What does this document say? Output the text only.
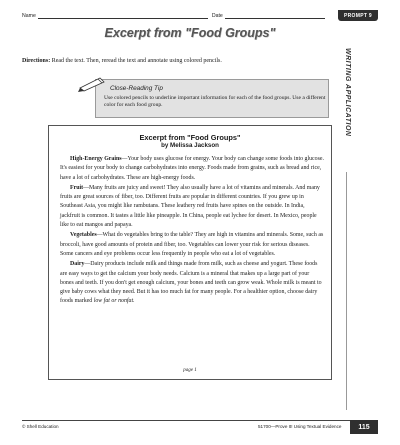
Name	Date	PROMPT 9
Excerpt from "Food Groups"
WRITING APPLICATION
Directions: Read the text. Then, reread the text and annotate using colored pencils.
Close-Reading Tip
Use colored pencils to underline important information for each of the food groups. Use a different color for each food group.
Excerpt from "Food Groups"
by Melissa Jackson

High-Energy Grains—Your body uses glucose for energy. Your body can change some foods into glucose. It's easiest for your body to change carbohydrates into energy. Foods made from grains, such as bread and rice, have a lot of carbohydrates. These are high-energy foods.

Fruit—Many fruits are juicy and sweet! They also usually have a lot of vitamins and minerals. And many fruits are great sources of fiber, too. Different fruits are popular in different countries. If you grew up in Southeast Asia, you might like rambutans. These leathery red fruits have spines on the outside. In India, jackfruit is common. It tastes a little like pineapple. In China, people eat lychee for desert. In Mexico, people like to eat mangos and papaya.

Vegetables—What do vegetables bring to the table? They are high in vitamins and minerals. Some, such as broccoli, have good amounts of protein and fiber, too. Vegetables can lower your risk for serious diseases. Some cancers and eye problems occur less frequently in people who eat a lot of vegetables.

Dairy—Dairy products include milk and things made from milk, such as cheese and yogurt. These foods are easy ways to get the calcium your body needs. Calcium is a mineral that makes up a large part of your bones and teeth. If you don't get enough calcium, your bones and teeth can grow weak. Whole milk is meant to give baby cows what they need. But it has too much fat for many people. For a healthier option, choose dairy foods marked low fat or nonfat.

page 1
© Shell Education	51700—Prove It! Using Textual Evidence	115
